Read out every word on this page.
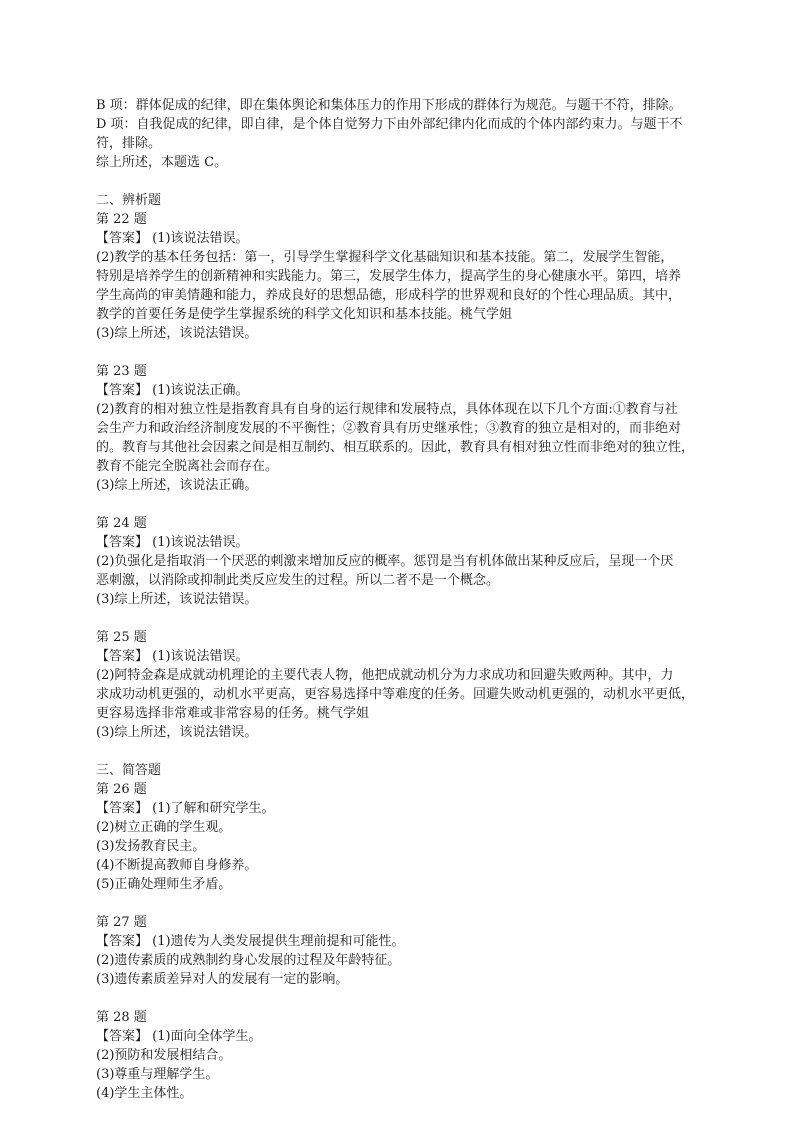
B 项：群体促成的纪律，即在集体舆论和集体压力的作用下形成的群体行为规范。与题干不符，排除。
D 项：自我促成的纪律，即自律，是个体自觉努力下由外部纪律内化而成的个体内部约束力。与题干不
符，排除。
综上所述，本题选 C。
二、辨析题
第 22 题
【答案】 (1)该说法错误。
(2)教学的基本任务包括：第一，引导学生掌握科学文化基础知识和基本技能。第二，发展学生智能，
特别是培养学生的创新精神和实践能力。第三，发展学生体力，提高学生的身心健康水平。第四，培养
学生高尚的审美情趣和能力，养成良好的思想品德，形成科学的世界观和良好的个性心理品质。其中，
教学的首要任务是使学生掌握系统的科学文化知识和基本技能。桃气学姐
(3)综上所述，该说法错误。
第 23 题
【答案】 (1)该说法正确。
(2)教育的相对独立性是指教育具有自身的运行规律和发展特点，具体体现在以下几个方面:①教育与社
会生产力和政治经济制度发展的不平衡性；②教育具有历史继承性；③教育的独立是相对的，而非绝对
的。教育与其他社会因素之间是相互制约、相互联系的。因此，教育具有相对独立性而非绝对的独立性，
教育不能完全脱离社会而存在。
(3)综上所述，该说法正确。
第 24 题
【答案】 (1)该说法错误。
(2)负强化是指取消一个厌恶的刺激来增加反应的概率。惩罚是当有机体做出某种反应后，呈现一个厌
恶刺激，以消除或抑制此类反应发生的过程。所以二者不是一个概念。
(3)综上所述，该说法错误。
第 25 题
【答案】 (1)该说法错误。
(2)阿特金森是成就动机理论的主要代表人物，他把成就动机分为力求成功和回避失败两种。其中，力
求成功动机更强的，动机水平更高，更容易选择中等难度的任务。回避失败动机更强的，动机水平更低，
更容易选择非常难或非常容易的任务。桃气学姐
(3)综上所述，该说法错误。
三、简答题
第 26 题
【答案】 (1)了解和研究学生。
(2)树立正确的学生观。
(3)发扬教育民主。
(4)不断提高教师自身修养。
(5)正确处理师生矛盾。
第 27 题
【答案】 (1)遗传为人类发展提供生理前提和可能性。
(2)遗传素质的成熟制约身心发展的过程及年龄特征。
(3)遗传素质差异对人的发展有一定的影响。
第 28 题
【答案】 (1)面向全体学生。
(2)预防和发展相结合。
(3)尊重与理解学生。
(4)学生主体性。
